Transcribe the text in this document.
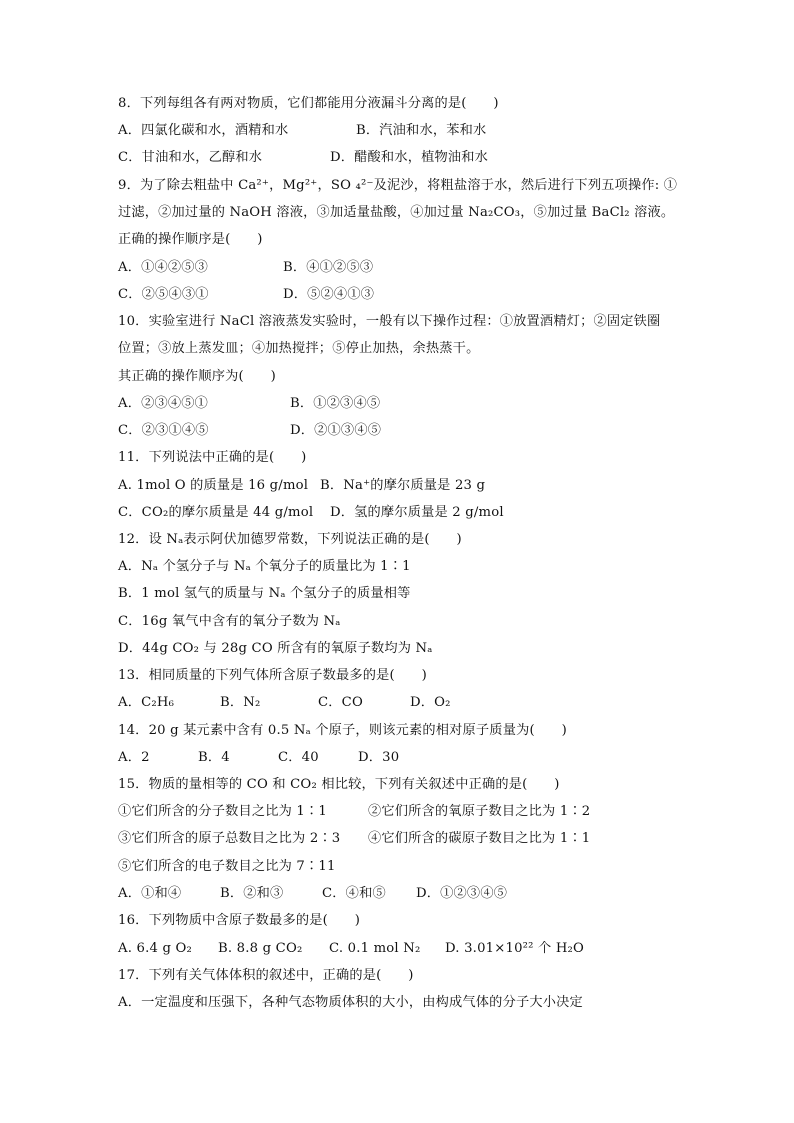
8．下列每组各有两对物质，它们都能用分液漏斗分离的是(　　)
A．四氯化碳和水，酒精和水	B．汽油和水，苯和水
C．甘油和水，乙醇和水	D．醋酸和水，植物油和水
9．为了除去粗盐中 Ca²⁺，Mg²⁺，SO ₄²⁻及泥沙，将粗盐溶于水，然后进行下列五项操作: ①
过滤，②加过量的 NaOH 溶液，③加适量盐酸，④加过量 Na₂CO₃，⑤加过量 BaCl₂ 溶液。
正确的操作顺序是(　　)
A．①④②⑤③	B．④①②⑤③
C．②⑤④③①	D．⑤②④①③
10．实验室进行 NaCl 溶液蒸发实验时，一般有以下操作过程：①放置酒精灯；②固定铁圈
位置；③放上蒸发皿；④加热搅拌；⑤停止加热，余热蒸干。
其正确的操作顺序为(　　)
A．②③④⑤①	B．①②③④⑤
C．②③①④⑤	D．②①③④⑤
11．下列说法中正确的是(　　)
A. 1mol O 的质量是 16 g/mol B．Na⁺的摩尔质量是 23 g
C．CO₂的摩尔质量是 44 g/mol D．氢的摩尔质量是 2 g/mol
12．设 Nₐ表示阿伏加德罗常数，下列说法正确的是(　　)
A．Nₐ 个氢分子与 Nₐ 个氧分子的质量比为 1∶1
B．1 mol 氢气的质量与 Nₐ 个氢分子的质量相等
C．16g 氧气中含有的氧分子数为 Nₐ
D．44g CO₂ 与 28g CO 所含有的氧原子数均为 Nₐ
13．相同质量的下列气体所含原子数最多的是(　　)
A．C₂H₆	B．N₂	C．CO	D．O₂
14．20 g 某元素中含有 0.5 Nₐ 个原子，则该元素的相对原子质量为(　　)
A．2	B．4	C．40	D．30
15．物质的量相等的 CO 和 CO₂ 相比较，下列有关叙述中正确的是(　　)
①它们所含的分子数目之比为 1∶1	②它们所含的氧原子数目之比为 1∶2
③它们所含的原子总数目之比为 2∶3 ④它们所含的碳原子数目之比为 1∶1
⑤它们所含的电子数目之比为 7∶11
A．①和④	B．②和③	C．④和⑤ D．①②③④⑤
16．下列物质中含原子数最多的是(　　)
A. 6.4 g O₂ B. 8.8 g CO₂ C. 0.1 mol N₂ D. 3.01×10²² 个 H₂O
17．下列有关气体体积的叙述中，正确的是(　　)
A．一定温度和压强下，各种气态物质体积的大小，由构成气体的分子大小决定
